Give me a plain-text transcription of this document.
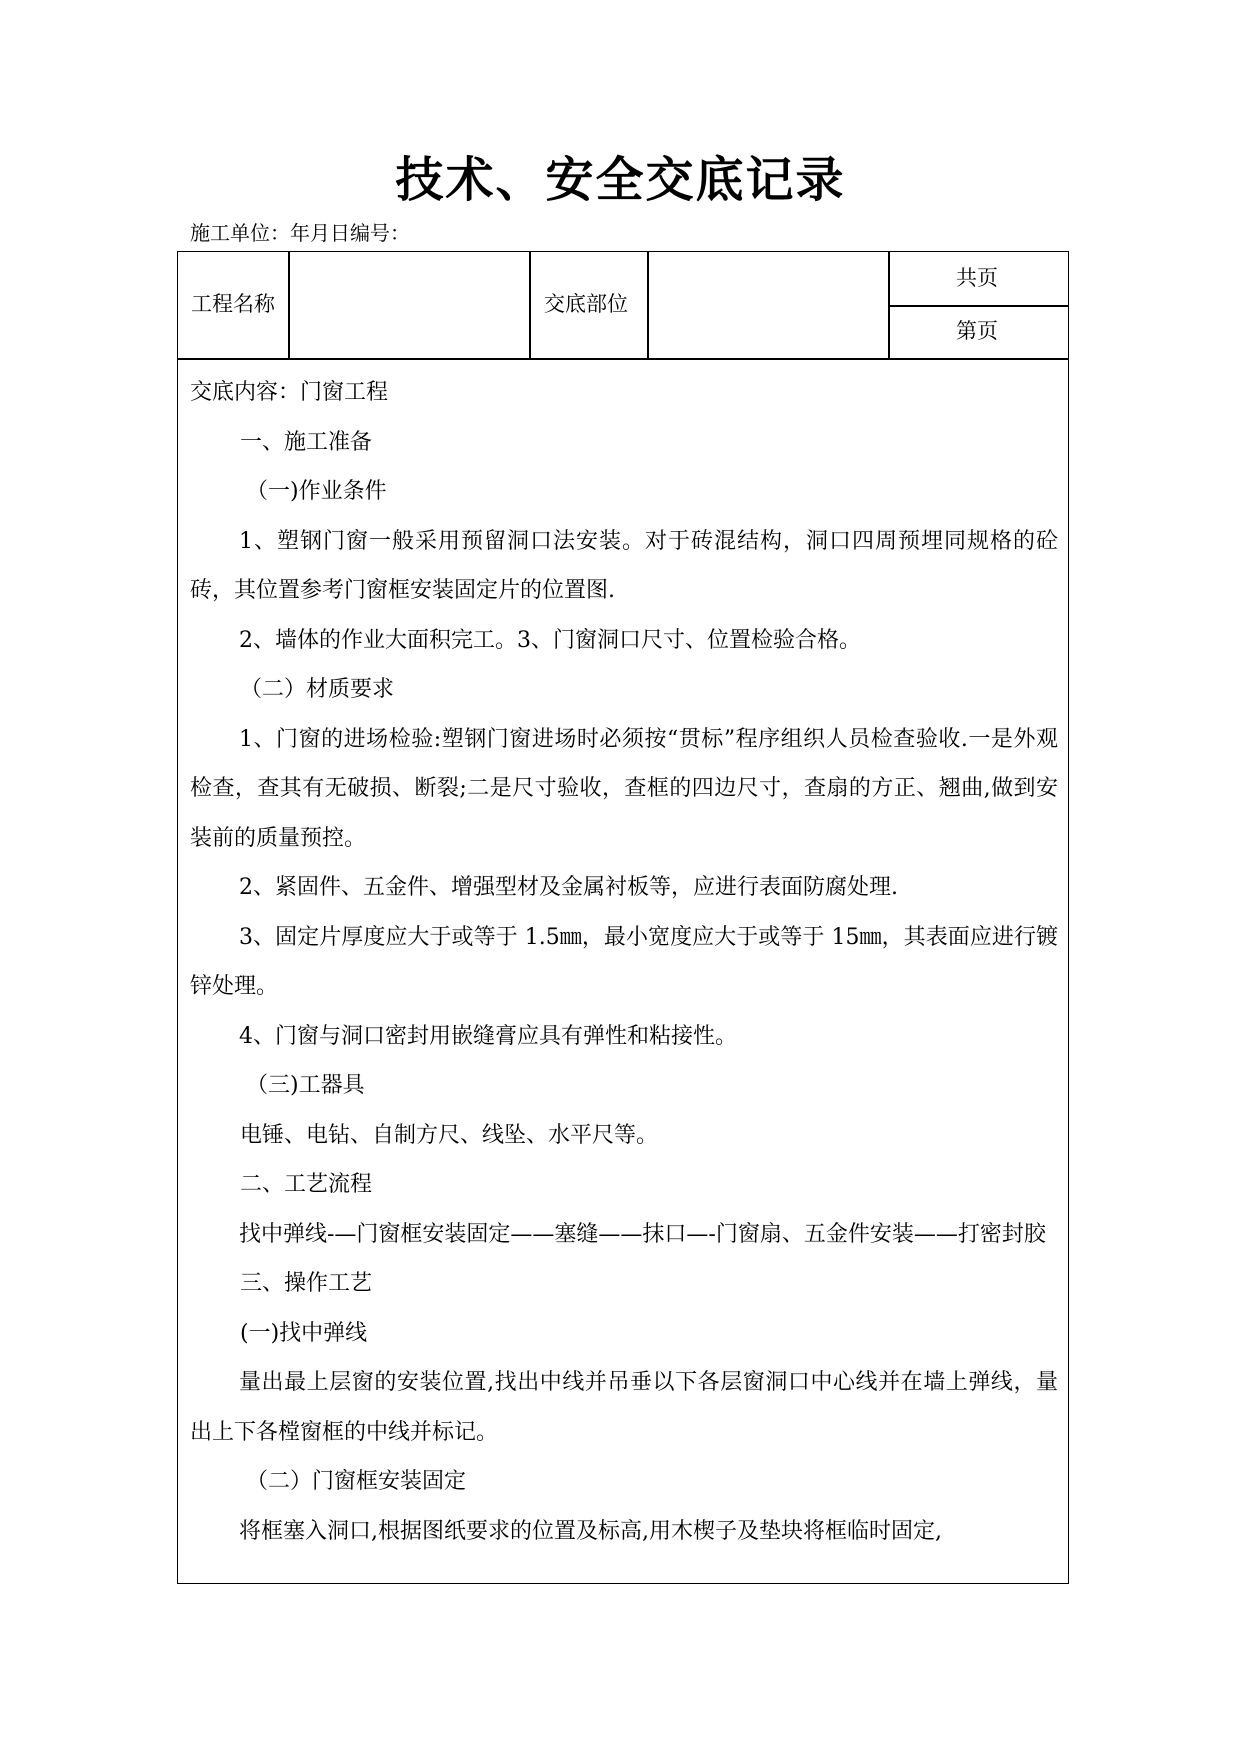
技术、安全交底记录
施工单位：年月日编号：
工程名称	交底部位
共页
第页

交底内容：门窗工程

一、施工准备

（一)作业条件

1、塑钢门窗一般采用预留洞口法安装。对于砖混结构，洞口四周预埋同规格的砼砖，其位置参考门窗框安装固定片的位置图.

2、墙体的作业大面积完工。3、门窗洞口尺寸、位置检验合格。

（二）材质要求

1、门窗的进场检验:塑钢门窗进场时必须按“贯标”程序组织人员检查验收.一是外观检查，查其有无破损、断裂;二是尺寸验收，查框的四边尺寸，查扇的方正、翘曲,做到安装前的质量预控。

2、紧固件、五金件、增强型材及金属衬板等，应进行表面防腐处理.

3、固定片厚度应大于或等于 1.5㎜，最小宽度应大于或等于 15㎜，其表面应进行镀锌处理。

4、门窗与洞口密封用嵌缝膏应具有弹性和粘接性。

（三)工器具

电锤、电钻、自制方尺、线坠、水平尺等。

二、工艺流程

找中弹线-—门窗框安装固定——塞缝——抹口—-门窗扇、五金件安装——打密封胶

三、操作工艺

(一)找中弹线

量出最上层窗的安装位置,找出中线并吊垂以下各层窗洞口中心线并在墙上弹线，量出上下各樘窗框的中线并标记。

（二）门窗框安装固定

将框塞入洞口,根据图纸要求的位置及标高,用木楔子及垫块将框临时固定,
